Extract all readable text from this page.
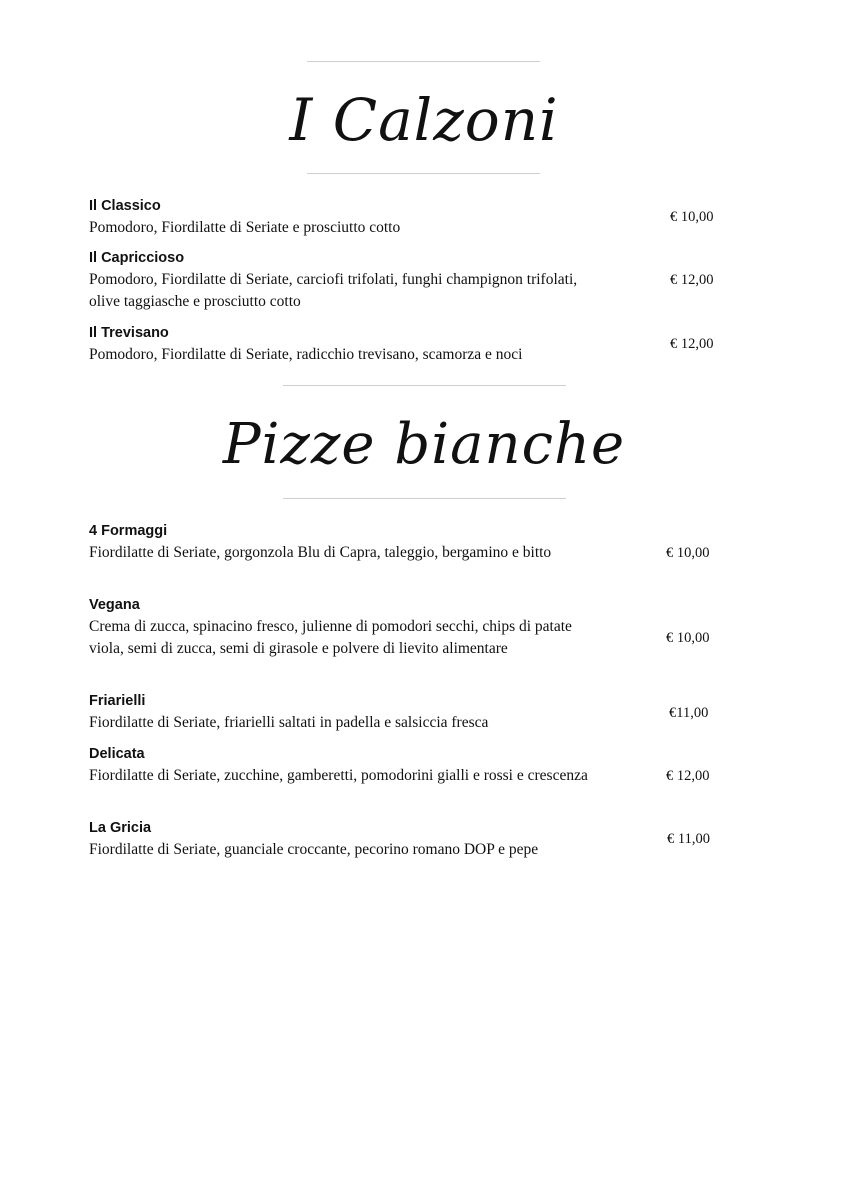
I Calzoni
Il Classico
Pomodoro, Fiordilatte di Seriate e prosciutto cotto
€ 10,00
Il Capriccioso
Pomodoro, Fiordilatte di Seriate, carciofi trifolati, funghi champignon trifolati, olive taggiasche e prosciutto cotto
€ 12,00
Il Trevisano
Pomodoro, Fiordilatte di Seriate, radicchio trevisano, scamorza e noci
€ 12,00
Pizze bianche
4 Formaggi
Fiordilatte di Seriate, gorgonzola Blu di Capra, taleggio, bergamino e bitto	€ 10,00
Vegana
Crema di zucca, spinacino fresco, julienne di pomodori secchi, chips di patate viola, semi di zucca, semi di girasole e polvere di lievito alimentare
€ 10,00
Friarielli
Fiordilatte di Seriate, friarielli saltati in padella e salsiccia fresca
€11,00
Delicata
Fiordilatte di Seriate, zucchine, gamberetti, pomodorini gialli e rossi e crescenza	€ 12,00
La Gricia
Fiordilatte di Seriate, guanciale croccante, pecorino romano DOP e pepe
€ 11,00
